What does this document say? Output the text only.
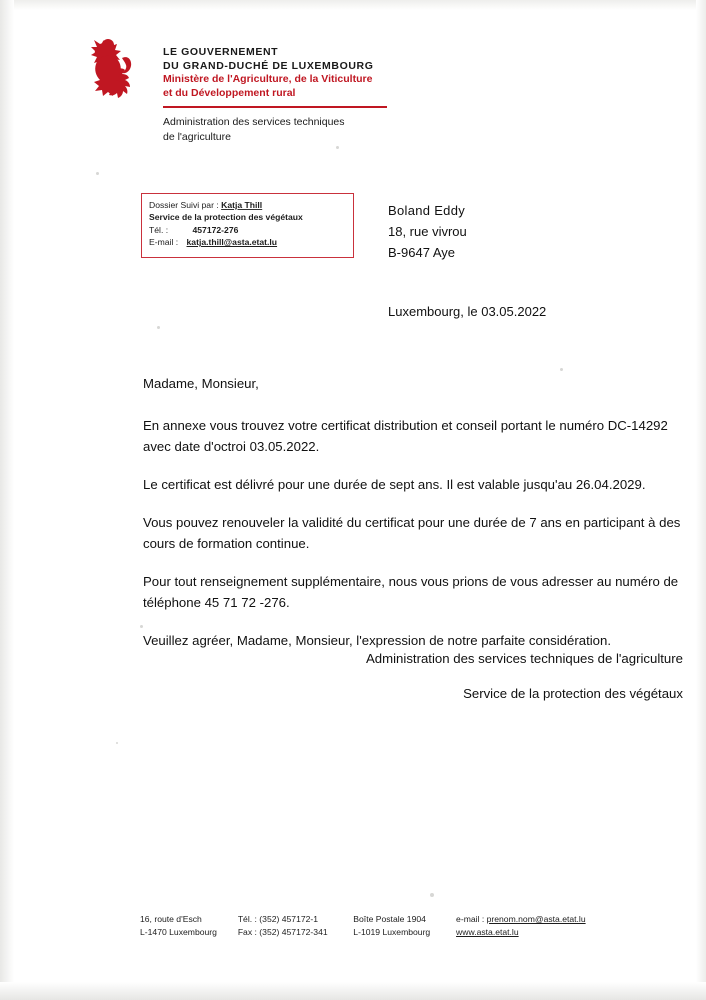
LE GOUVERNEMENT
DU GRAND-DUCHÉ DE LUXEMBOURG
Ministère de l'Agriculture, de la Viticulture
et du Développement rural
Administration des services techniques
de l'agriculture
Dossier Suivi par : Katja Thill
Service de la protection des végétaux
Tél. :	457172-276
E-mail : katja.thill@asta.etat.lu
Boland Eddy
18, rue vivrou
B-9647 Aye
Luxembourg, le 03.05.2022

Madame, Monsieur,

En annexe vous trouvez votre certificat distribution et conseil portant le numéro DC-14292 avec date d'octroi 03.05.2022.

Le certificat est délivré pour une durée de sept ans. Il est valable jusqu'au 26.04.2029.

Vous pouvez renouveler la validité du certificat pour une durée de 7 ans en participant à des cours de formation continue.

Pour tout renseignement supplémentaire, nous vous prions de vous adresser au numéro de téléphone 45 71 72 -276.

Veuillez agréer, Madame, Monsieur, l'expression de notre parfaite considération.

Administration des services techniques de l'agriculture
Service de la protection des végétaux
16, route d'Esch
L-1470 Luxembourg
Tél. : (352) 457172-1
Fax : (352) 457172-341
Boîte Postale 1904
L-1019 Luxembourg
e-mail : prenom.nom@asta.etat.lu
www.asta.etat.lu
